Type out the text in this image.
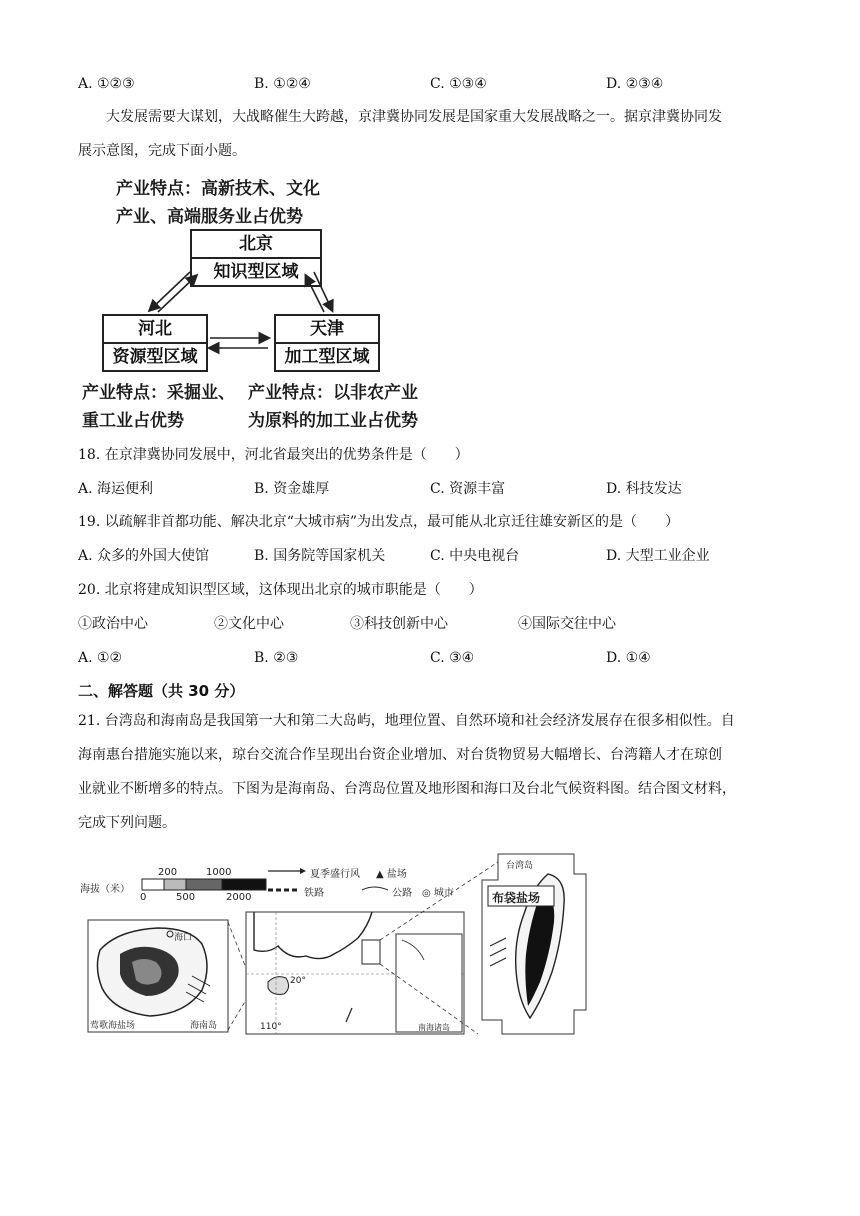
A. ①②③	B. ①②④	C. ①③④	D. ②③④
大发展需要大谋划，大战略催生大跨越，京津冀协同发展是国家重大发展战略之一。据京津冀协同发
展示意图，完成下面小题。
产业特点：高新技术、文化
产业、高端服务业占优势
北京
知识型区域
河北
资源型区域
天津
加工型区域
产业特点：采掘业、
重工业占优势
产业特点：以非农产业
为原料的加工业占优势
18. 在京津冀协同发展中，河北省最突出的优势条件是（　　）
A. 海运便利	B. 资金雄厚	C. 资源丰富	D. 科技发达
19. 以疏解非首都功能、解决北京“大城市病”为出发点，最可能从北京迁往雄安新区的是（　　）
A. 众多的外国大使馆	B. 国务院等国家机关	C. 中央电视台	D. 大型工业企业
20. 北京将建成知识型区域，这体现出北京的城市职能是（　　）
①政治中心	②文化中心	③科技创新中心	④国际交往中心
A. ①②	B. ②③	C. ③④	D. ①④
二、解答题（共 30 分）
21. 台湾岛和海南岛是我国第一大和第二大岛屿，地理位置、自然环境和社会经济发展存在很多相似性。自
海南惠台措施实施以来，琼台交流合作呈现出台资企业增加、对台货物贸易大幅增长、台湾籍人才在琼创
业就业不断增多的特点。下图为是海南岛、台湾岛位置及地形图和海口及台北气候资料图。结合图文材料，
完成下列问题。
海拔（米）
200	1000
0	500	2000
夏季盛行风 ▲ 盐场
铁路	公路 ◎ 城市
海口
莺歌海盐场	海南岛
20°
110°	南海诸岛
台湾岛
布袋盐场
